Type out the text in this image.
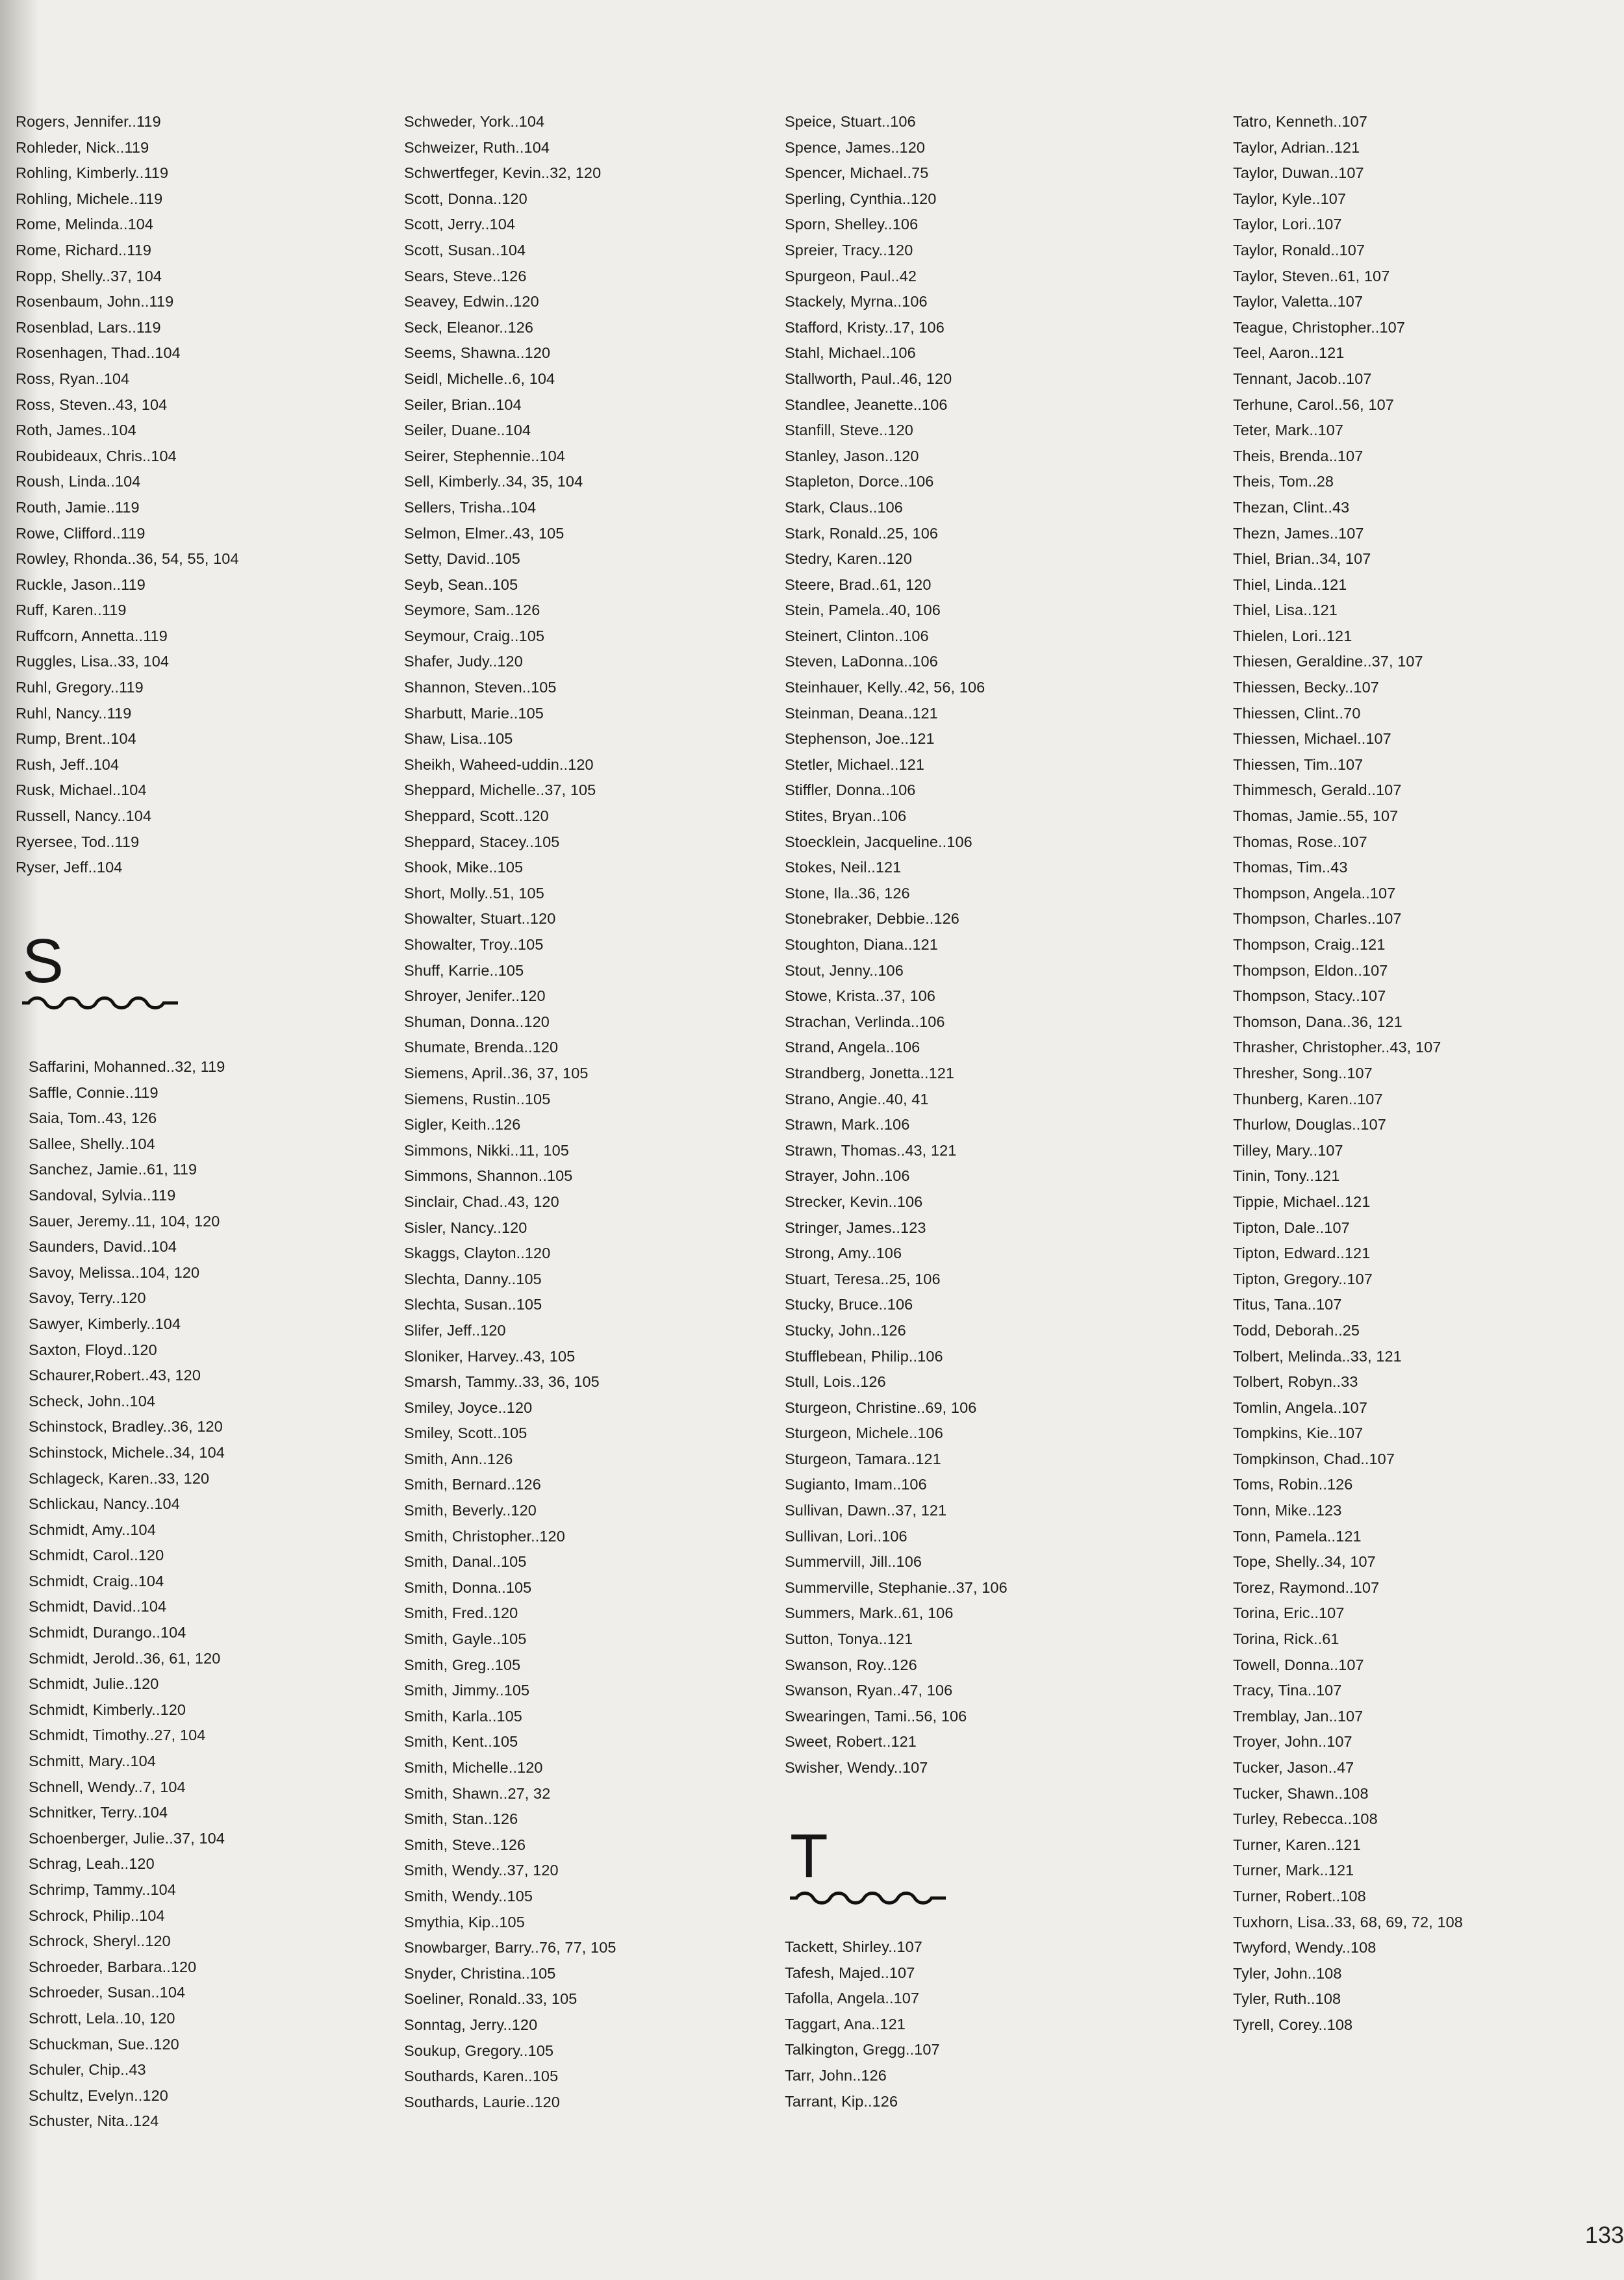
Rogers, Jennifer..119
Rohleder, Nick..119
Rohling, Kimberly..119
Rohling, Michele..119
Rome, Melinda..104
Rome, Richard..119
Ropp, Shelly..37, 104
Rosenbaum, John..119
Rosenblad, Lars..119
Rosenhagen, Thad..104
Ross, Ryan..104
Ross, Steven..43, 104
Roth, James..104
Roubideaux, Chris..104
Roush, Linda..104
Routh, Jamie..119
Rowe, Clifford..119
Rowley, Rhonda..36, 54, 55, 104
Ruckle, Jason..119
Ruff, Karen..119
Ruffcorn, Annetta..119
Ruggles, Lisa..33, 104
Ruhl, Gregory..119
Ruhl, Nancy..119
Rump, Brent..104
Rush, Jeff..104
Rusk, Michael..104
Russell, Nancy..104
Ryersee, Tod..119
Ryser, Jeff..104
Saffarini, Mohanned..32, 119
Saffle, Connie..119
Saia, Tom..43, 126
Sallee, Shelly..104
Sanchez, Jamie..61, 119
Sandoval, Sylvia..119
Sauer, Jeremy..11, 104, 120
Saunders, David..104
Savoy, Melissa..104, 120
Savoy, Terry..120
Sawyer, Kimberly..104
Saxton, Floyd..120
Schaurer,Robert..43, 120
Scheck, John..104
Schinstock, Bradley..36, 120
Schinstock, Michele..34, 104
Schlageck, Karen..33, 120
Schlickau, Nancy..104
Schmidt, Amy..104
Schmidt, Carol..120
Schmidt, Craig..104
Schmidt, David..104
Schmidt, Durango..104
Schmidt, Jerold..36, 61, 120
Schmidt, Julie..120
Schmidt, Kimberly..120
Schmidt, Timothy..27, 104
Schmitt, Mary..104
Schnell, Wendy..7, 104
Schnitker, Terry..104
Schoenberger, Julie..37, 104
Schrag, Leah..120
Schrimp, Tammy..104
Schrock, Philip..104
Schrock, Sheryl..120
Schroeder, Barbara..120
Schroeder, Susan..104
Schrott, Lela..10, 120
Schuckman, Sue..120
Schuler, Chip..43
Schultz, Evelyn..120
Schuster, Nita..124
Schweder, York..104
Schweizer, Ruth..104
Schwertfeger, Kevin..32, 120
Scott, Donna..120
Scott, Jerry..104
Scott, Susan..104
Sears, Steve..126
Seavey, Edwin..120
Seck, Eleanor..126
Seems, Shawna..120
Seidl, Michelle..6, 104
Seiler, Brian..104
Seiler, Duane..104
Seirer, Stephennie..104
Sell, Kimberly..34, 35, 104
Sellers, Trisha..104
Selmon, Elmer..43, 105
Setty, David..105
Seyb, Sean..105
Seymore, Sam..126
Seymour, Craig..105
Shafer, Judy..120
Shannon, Steven..105
Sharbutt, Marie..105
Shaw, Lisa..105
Sheikh, Waheed-uddin..120
Sheppard, Michelle..37, 105
Sheppard, Scott..120
Sheppard, Stacey..105
Shook, Mike..105
Short, Molly..51, 105
Showalter, Stuart..120
Showalter, Troy..105
Shuff, Karrie..105
Shroyer, Jenifer..120
Shuman, Donna..120
Shumate, Brenda..120
Siemens, April..36, 37, 105
Siemens, Rustin..105
Sigler, Keith..126
Simmons, Nikki..11, 105
Simmons, Shannon..105
Sinclair, Chad..43, 120
Sisler, Nancy..120
Skaggs, Clayton..120
Slechta, Danny..105
Slechta, Susan..105
Slifer, Jeff..120
Sloniker, Harvey..43, 105
Smarsh, Tammy..33, 36, 105
Smiley, Joyce..120
Smiley, Scott..105
Smith, Ann..126
Smith, Bernard..126
Smith, Beverly..120
Smith, Christopher..120
Smith, Danal..105
Smith, Donna..105
Smith, Fred..120
Smith, Gayle..105
Smith, Greg..105
Smith, Jimmy..105
Smith, Karla..105
Smith, Kent..105
Smith, Michelle..120
Smith, Shawn..27, 32
Smith, Stan..126
Smith, Steve..126
Smith, Wendy..37, 120
Smith, Wendy..105
Smythia, Kip..105
Snowbarger, Barry..76, 77, 105
Snyder, Christina..105
Soeliner, Ronald..33, 105
Sonntag, Jerry..120
Soukup, Gregory..105
Southards, Karen..105
Southards, Laurie..120
Speice, Stuart..106
Spence, James..120
Spencer, Michael..75
Sperling, Cynthia..120
Sporn, Shelley..106
Spreier, Tracy..120
Spurgeon, Paul..42
Stackely, Myrna..106
Stafford, Kristy..17, 106
Stahl, Michael..106
Stallworth, Paul..46, 120
Standlee, Jeanette..106
Stanfill, Steve..120
Stanley, Jason..120
Stapleton, Dorce..106
Stark, Claus..106
Stark, Ronald..25, 106
Stedry, Karen..120
Steere, Brad..61, 120
Stein, Pamela..40, 106
Steinert, Clinton..106
Steven, LaDonna..106
Steinhauer, Kelly..42, 56, 106
Steinman, Deana..121
Stephenson, Joe..121
Stetler, Michael..121
Stiffler, Donna..106
Stites, Bryan..106
Stoecklein, Jacqueline..106
Stokes, Neil..121
Stone, Ila..36, 126
Stonebraker, Debbie..126
Stoughton, Diana..121
Stout, Jenny..106
Stowe, Krista..37, 106
Strachan, Verlinda..106
Strand, Angela..106
Strandberg, Jonetta..121
Strano, Angie..40, 41
Strawn, Mark..106
Strawn, Thomas..43, 121
Strayer, John..106
Strecker, Kevin..106
Stringer, James..123
Strong, Amy..106
Stuart, Teresa..25, 106
Stucky, Bruce..106
Stucky, John..126
Stufflebean, Philip..106
Stull, Lois..126
Sturgeon, Christine..69, 106
Sturgeon, Michele..106
Sturgeon, Tamara..121
Sugianto, Imam..106
Sullivan, Dawn..37, 121
Sullivan, Lori..106
Summervill, Jill..106
Summerville, Stephanie..37, 106
Summers, Mark..61, 106
Sutton, Tonya..121
Swanson, Roy..126
Swanson, Ryan..47, 106
Swearingen, Tami..56, 106
Sweet, Robert..121
Swisher, Wendy..107
Tackett, Shirley..107
Tafesh, Majed..107
Tafolla, Angela..107
Taggart, Ana..121
Talkington, Gregg..107
Tarr, John..126
Tarrant, Kip..126
Tatro, Kenneth..107
Taylor, Adrian..121
Taylor, Duwan..107
Taylor, Kyle..107
Taylor, Lori..107
Taylor, Ronald..107
Taylor, Steven..61, 107
Taylor, Valetta..107
Teague, Christopher..107
Teel, Aaron..121
Tennant, Jacob..107
Terhune, Carol..56, 107
Teter, Mark..107
Theis, Brenda..107
Theis, Tom..28
Thezan, Clint..43
Thezn, James..107
Thiel, Brian..34, 107
Thiel, Linda..121
Thiel, Lisa..121
Thielen, Lori..121
Thiesen, Geraldine..37, 107
Thiessen, Becky..107
Thiessen, Clint..70
Thiessen, Michael..107
Thiessen, Tim..107
Thimmesch, Gerald..107
Thomas, Jamie..55, 107
Thomas, Rose..107
Thomas, Tim..43
Thompson, Angela..107
Thompson, Charles..107
Thompson, Craig..121
Thompson, Eldon..107
Thompson, Stacy..107
Thomson, Dana..36, 121
Thrasher, Christopher..43, 107
Thresher, Song..107
Thunberg, Karen..107
Thurlow, Douglas..107
Tilley, Mary..107
Tinin, Tony..121
Tippie, Michael..121
Tipton, Dale..107
Tipton, Edward..121
Tipton, Gregory..107
Titus, Tana..107
Todd, Deborah..25
Tolbert, Melinda..33, 121
Tolbert, Robyn..33
Tomlin, Angela..107
Tompkins, Kie..107
Tompkinson, Chad..107
Toms, Robin..126
Tonn, Mike..123
Tonn, Pamela..121
Tope, Shelly..34, 107
Torez, Raymond..107
Torina, Eric..107
Torina, Rick..61
Towell, Donna..107
Tracy, Tina..107
Tremblay, Jan..107
Troyer, John..107
Tucker, Jason..47
Tucker, Shawn..108
Turley, Rebecca..108
Turner, Karen..121
Turner, Mark..121
Turner, Robert..108
Tuxhorn, Lisa..33, 68, 69, 72, 108
Twyford, Wendy..108
Tyler, John..108
Tyler, Ruth..108
Tyrell, Corey..108
S
T
133
